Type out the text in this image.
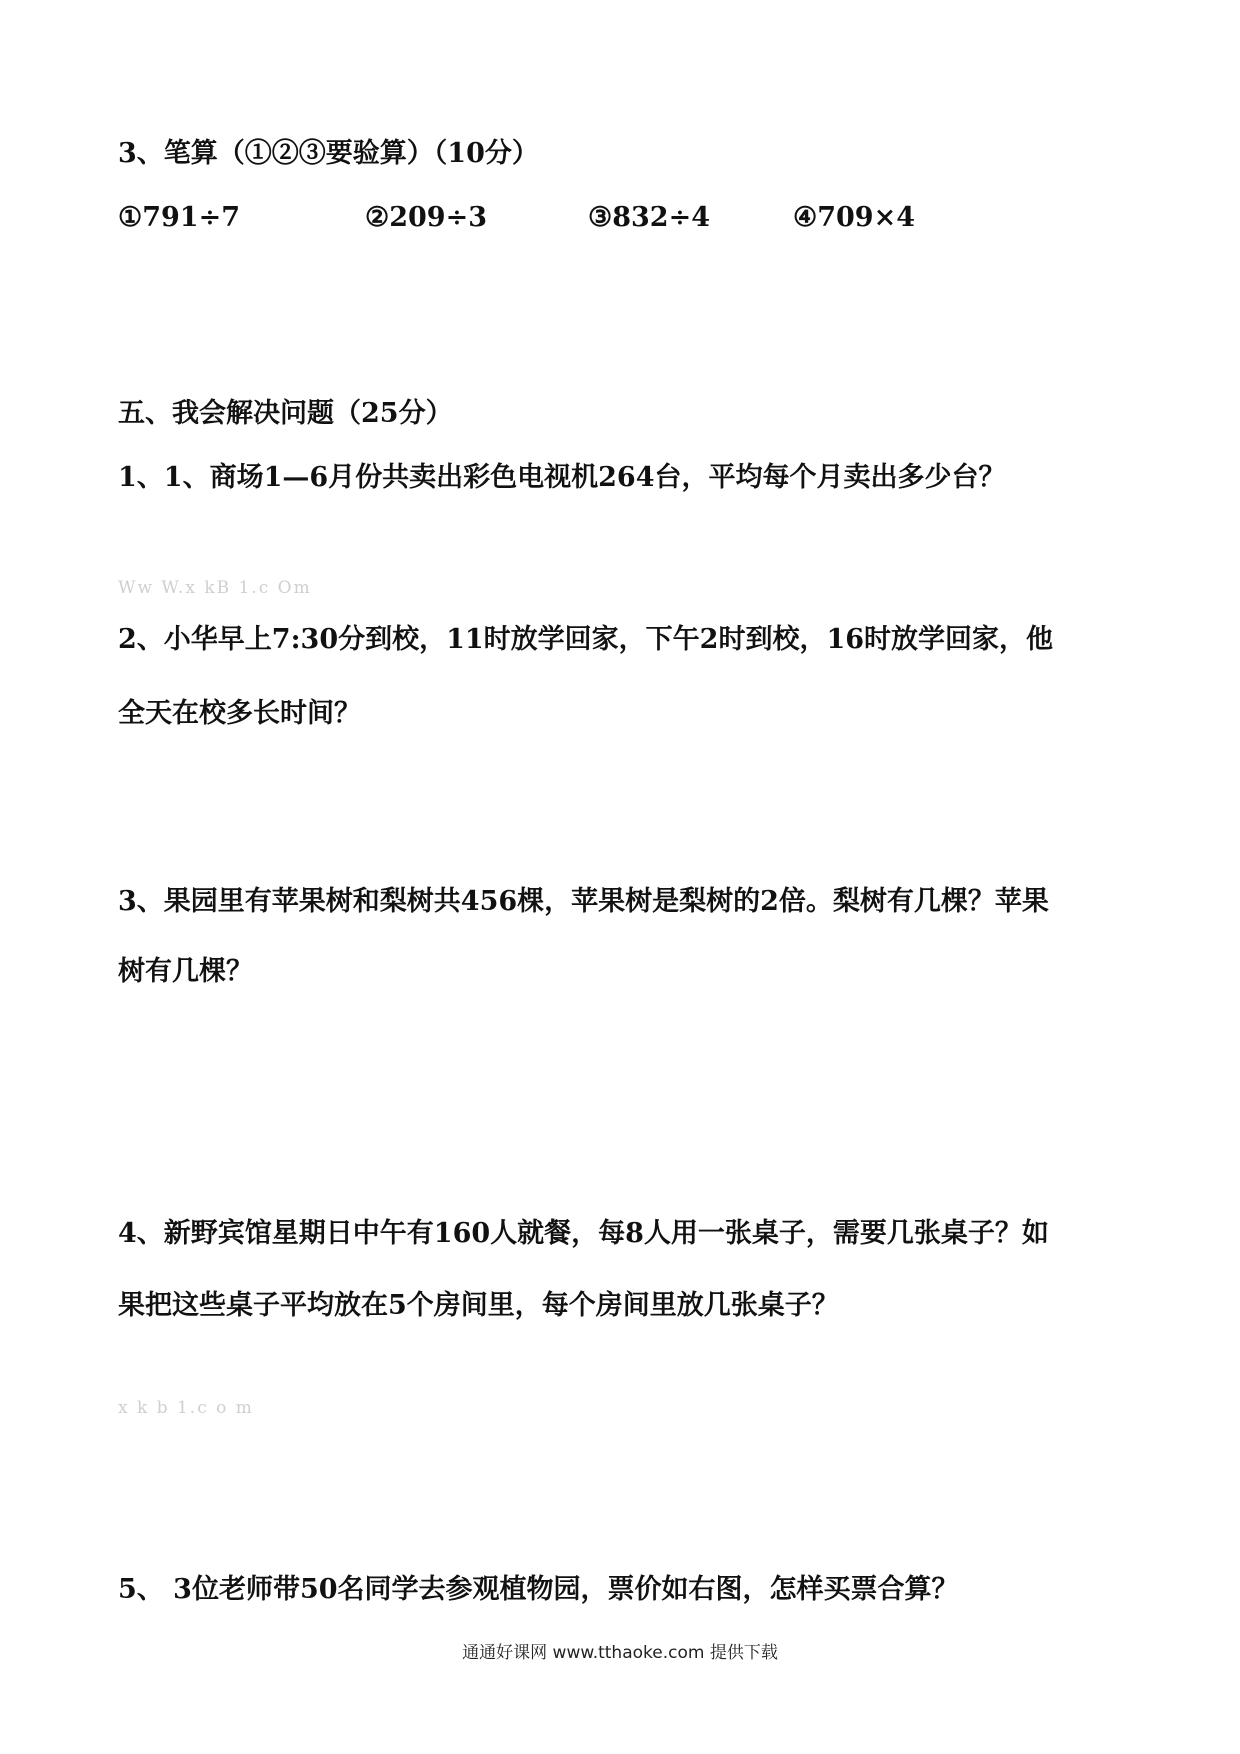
3、笔算（①②③要验算）（10分）
①791÷7	②209÷3	③832÷4	④709×4
五、我会解决问题（25分）
1、1、商场1—6月份共卖出彩色电视机264台，平均每个月卖出多少台？
Ww W.x kB 1.c Om
2、小华早上7:30分到校，11时放学回家，下午2时到校，16时放学回家，他
全天在校多长时间？
3、果园里有苹果树和梨树共456棵，苹果树是梨树的2倍。梨树有几棵？苹果
树有几棵？
4、新野宾馆星期日中午有160人就餐，每8人用一张桌子，需要几张桌子？如
果把这些桌子平均放在5个房间里，每个房间里放几张桌子？
x k b 1.c o m
5、 3位老师带50名同学去参观植物园，票价如右图，怎样买票合算？
通通好课网 www.tthaoke.com 提供下载
